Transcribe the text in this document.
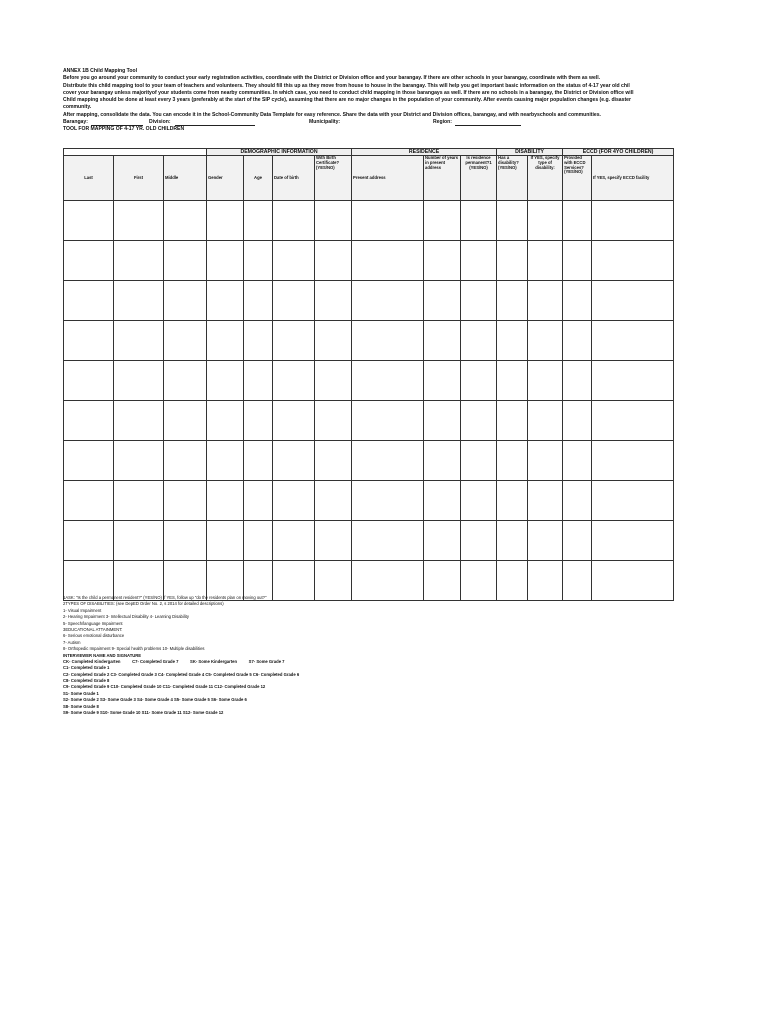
ANNEX 1B Child Mapping Tool
Before you go around your community to conduct your early registration activities, coordinate with the District or Division office and your barangay. If there are other schools in your barangay, coordinate with them as well.
Distribute this child mapping tool to your team of teachers and volunteers. They should fill this up as they move from house to house in the barangay. This will help you get important basic information on the status of 4-17 year old chil
cover your barangay unless majorityof your students come from nearby communities. In which case, you need to conduct child mapping in those barangays as well. If there are no schools in a barangay, the District or Division office will
Child mapping should be done at least every 3 years (preferably at the start of the SIP cycle), assuming that there are no major changes in the population of your community. After events causing major population changes (e.g. disaster
community.
After mapping, consolidate the data. You can encode it in the School-Community Data Template for easy reference. Share the data with your District and Division offices, barangay, and with nearbyschools and communities.
Barangay:	Division:	Municipality:	Region:
TOOL FOR MAPPING OF 4-17 YR. OLD CHILDREN
			DEMOGRAPHIC INFORMATION				RESIDENCE			DISABILITY		ECCD (FOR 4YO CHILDREN)	
Last	First	Middle	Gender	Age	Date of birth	With Birth Certificate? (YES/NO)	Present address	Number of years in present address	Is residence permanent?1 (YES/NO)	Has a disability? (YES/NO)	If YES, specify type of disability:	Provided with ECCD Services? (YES/NO)	If YES, specify ECCD facility

1ASK: "Is the child a permanent resident?" (YES/NO) If YES, follow up "do the residents plan on moving out?"
2TYPES OF DISABILITIES: (see DepED Order No. 2, s 2014 for detailed descriptions)
1- Visual Impairment
2- Hearing Impairment 3- Intellectual Disability 4- Learning Disability
5- Speech/language Impairment
3EDUCATIONAL ATTAINMENT:
6- Serious emotional disturbance
7- Autism
8- Orthopedic Impairment 9- Special health problems 10- Multiple disabilities
INTERVIEWER NAME AND SIGNATURE
CK- Completed Kindergarten          C7- Completed Grade 7          SK- Some Kindergarten          S7- Some Grade 7
C1- Completed Grade 1
C2- Completed Grade 2 C3- Completed Grade 3 C4- Completed Grade 4 C5- Completed Grade 5 C6- Completed Grade 6
C8- Completed Grade 8
C9- Completed Grade 9 C10- Completed Grade 10 C11- Completed Grade 11 C12- Completed Grade 12
S1- Some Grade 1
S2- Some Grade 2 S3- Some Grade 3 S4- Some Grade 4 S5- Some Grade 5 S6- Some Grade 6
S8- Some Grade 8
S9- Some Grade 9 S10- Some Grade 10 S11- Some Grade 11 S12- Some Grade 12
